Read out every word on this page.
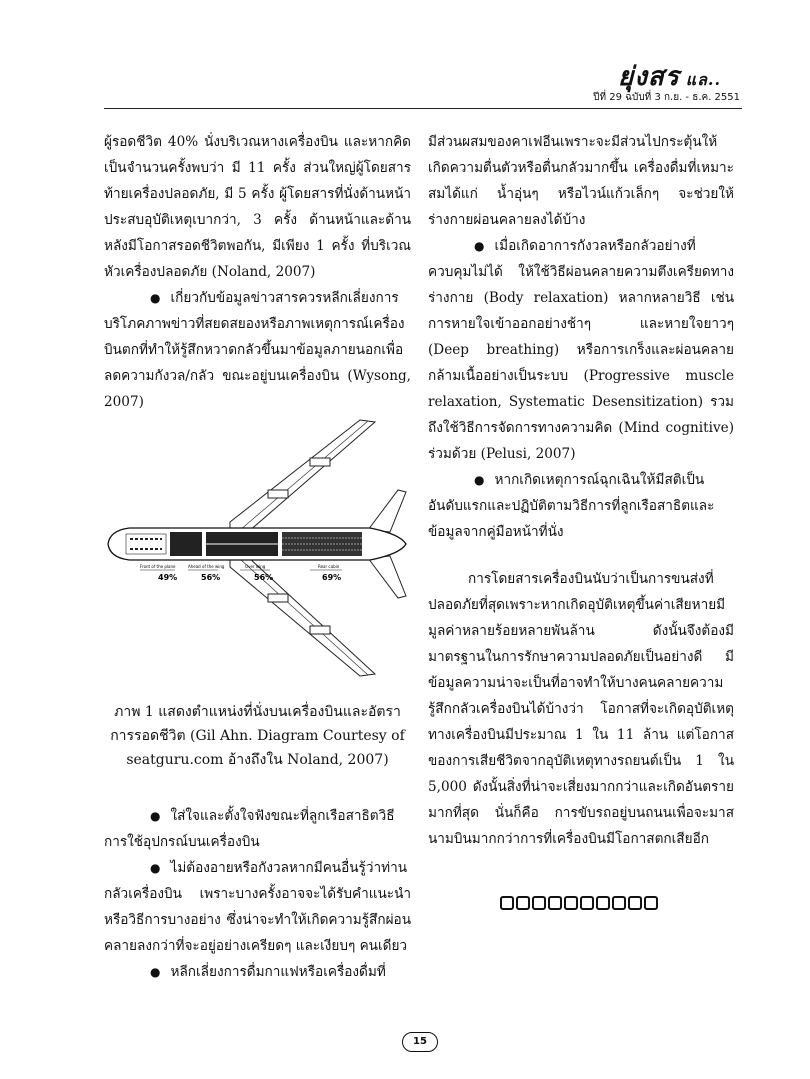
ยุ่งสร แล..
ปีที่ 29 ฉบับที่ 3 ก.ย. - ธ.ค. 2551

ผู้รอดชีวิต 40% นั่งบริเวณหางเครื่องบิน และหากคิดเป็นจำนวนครั้งพบว่า มี 11 ครั้ง ส่วนใหญ่ผู้โดยสารท้ายเครื่องปลอดภัย, มี 5 ครั้ง ผู้โดยสารที่นั่งด้านหน้าประสบอุบัติเหตุเบากว่า, 3 ครั้ง ด้านหน้าและด้านหลังมีโอกาสรอดชีวิตพอกัน, มีเพียง 1 ครั้ง ที่บริเวณหัวเครื่องปลอดภัย (Noland, 2007)

● เกี่ยวกับข้อมูลข่าวสารควรหลีกเลี่ยงการบริโภคภาพข่าวที่สยดสยองหรือภาพเหตุการณ์เครื่องบินตกที่ทำให้รู้สึกหวาดกลัวขึ้นมาข้อมูลภายนอกเพื่อลดความกังวล/กลัว ขณะอยู่บนเครื่องบิน (Wysong, 2007)

Front of the plane
49%
Ahead of the wing
56%
Over wing
56%
Rear cabin
69%
ภาพ 1 แสดงตำแหน่งที่นั่งบนเครื่องบินและอัตรา
การรอดชีวิต (Gil Ahn. Diagram Courtesy of
seatguru.com อ้างถึงใน Noland, 2007)

● ใส่ใจและตั้งใจฟังขณะที่ลูกเรือสาธิตวิธีการใช้อุปกรณ์บนเครื่องบิน

● ไม่ต้องอายหรือกังวลหากมีคนอื่นรู้ว่าท่านกลัวเครื่องบิน เพราะบางครั้งอาจจะได้รับคำแนะนำหรือวิธีการบางอย่าง ซึ่งน่าจะทำให้เกิดความรู้สึกผ่อนคลายลงกว่าที่จะอยู่อย่างเครียดๆ และเงียบๆ คนเดียว

● หลีกเลี่ยงการดื่มกาแฟหรือเครื่องดื่มที่

มีส่วนผสมของคาเฟอีนเพราะจะมีส่วนไปกระตุ้นให้เกิดความตื่นตัวหรือตื่นกลัวมากขึ้น เครื่องดื่มที่เหมาะสมได้แก่ น้ำอุ่นๆ หรือไวน์แก้วเล็กๆ จะช่วยให้ร่างกายผ่อนคลายลงได้บ้าง

● เมื่อเกิดอาการกังวลหรือกลัวอย่างที่ควบคุมไม่ได้ ให้ใช้วิธีผ่อนคลายความตึงเครียดทางร่างกาย (Body relaxation) หลากหลายวิธี เช่น การหายใจเข้าออกอย่างช้าๆ และหายใจยาวๆ (Deep breathing) หรือการเกร็งและผ่อนคลายกล้ามเนื้ออย่างเป็นระบบ (Progressive muscle relaxation, Systematic Desensitization) รวมถึงใช้วิธีการจัดการทางความคิด (Mind cognitive) ร่วมด้วย (Pelusi, 2007)

● หากเกิดเหตุการณ์ฉุกเฉินให้มีสติเป็นอันดับแรกและปฏิบัติตามวิธีการที่ลูกเรือสาธิตและข้อมูลจากคู่มือหน้าที่นั่ง

การโดยสารเครื่องบินนับว่าเป็นการขนส่งที่ปลอดภัยที่สุดเพราะหากเกิดอุบัติเหตุขึ้นค่าเสียหายมีมูลค่าหลายร้อยหลายพันล้าน ดังนั้นจึงต้องมีมาตรฐานในการรักษาความปลอดภัยเป็นอย่างดี มีข้อมูลความน่าจะเป็นที่อาจทำให้บางคนคลายความรู้สึกกลัวเครื่องบินได้บ้างว่า โอกาสที่จะเกิดอุบัติเหตุทางเครื่องบินมีประมาณ 1 ใน 11 ล้าน แต่โอกาสของการเสียชีวิตจากอุบัติเหตุทางรถยนต์เป็น 1 ใน 5,000 ดังนั้นสิ่งที่น่าจะเสี่ยงมากกว่าและเกิดอันตรายมากที่สุด นั่นก็คือ การขับรถอยู่บนถนนเพื่อจะมาสนามบินมากกว่าการที่เครื่องบินมีโอกาสตกเสียอีก

15
